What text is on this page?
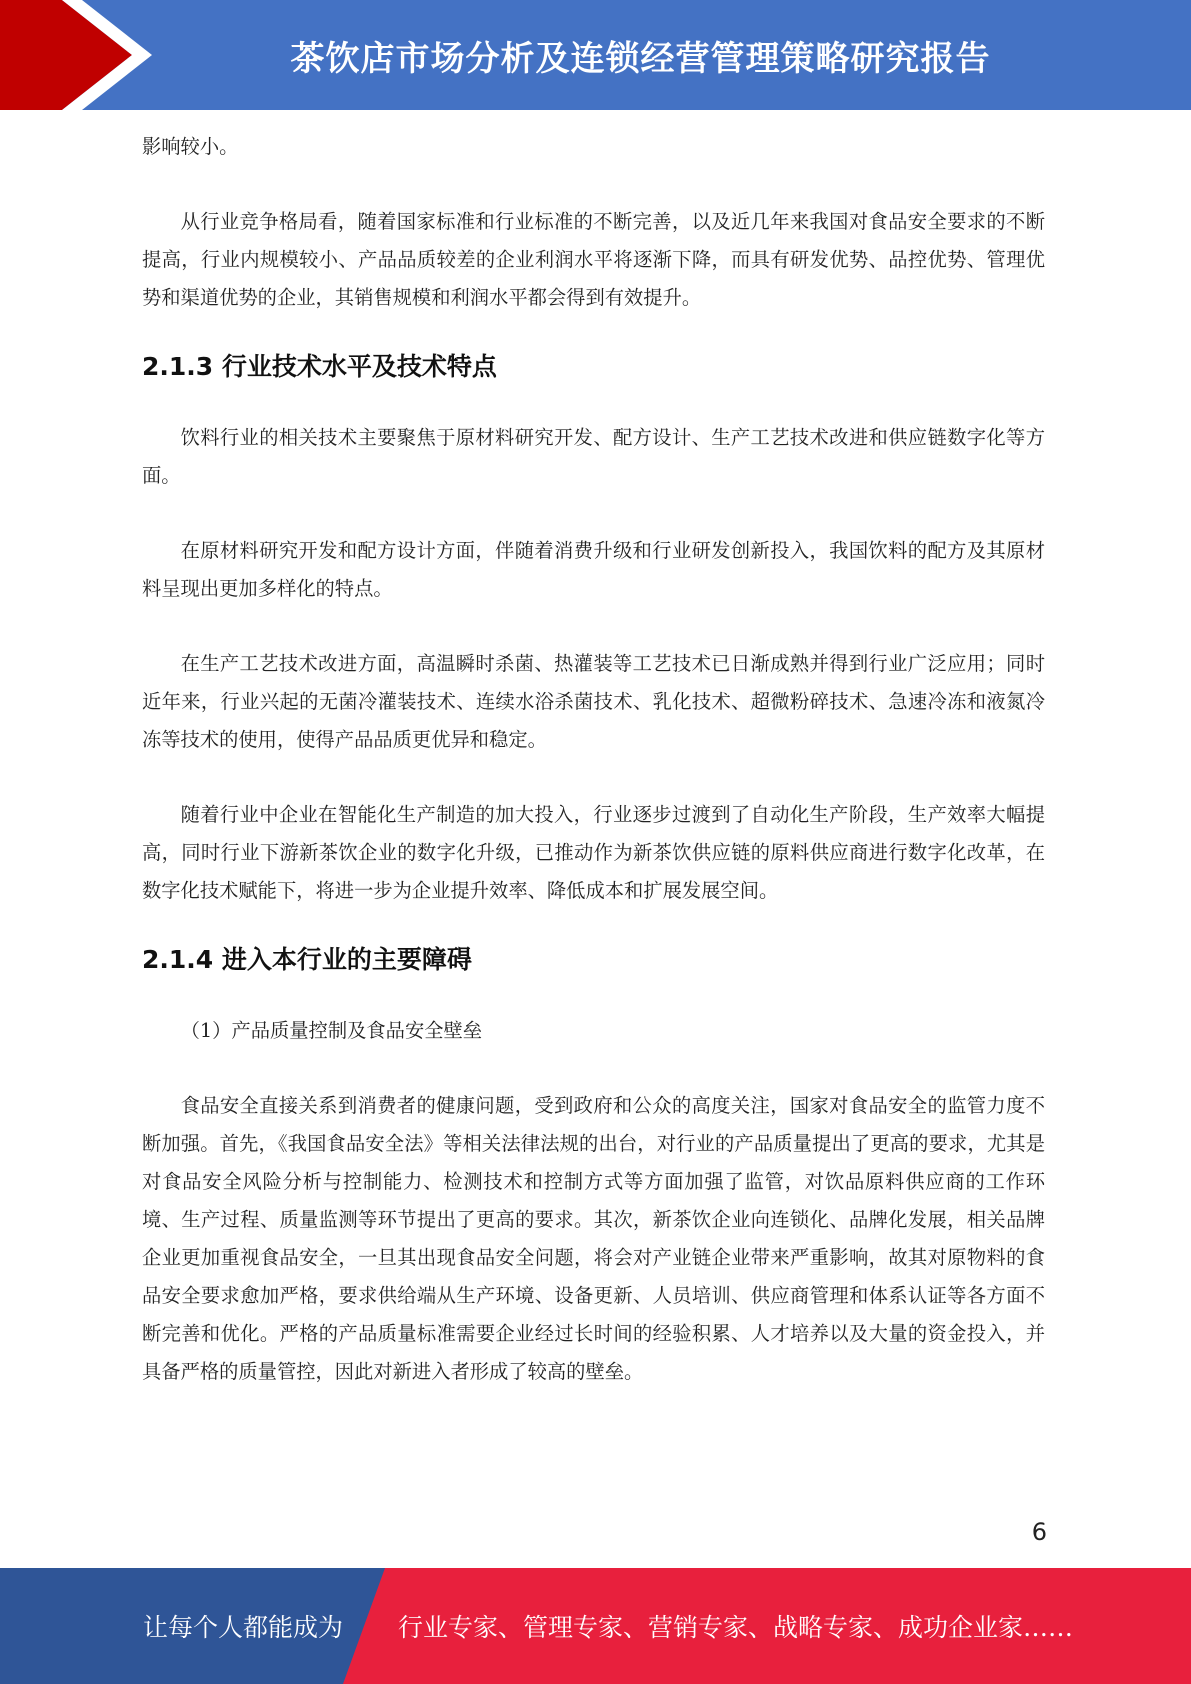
茶饮店市场分析及连锁经营管理策略研究报告

影响较小。

从行业竞争格局看，随着国家标准和行业标准的不断完善，以及近几年来我国对食品安全要求的不断提高，行业内规模较小、产品品质较差的企业利润水平将逐渐下降，而具有研发优势、品控优势、管理优势和渠道优势的企业，其销售规模和利润水平都会得到有效提升。

2.1.3 行业技术水平及技术特点

饮料行业的相关技术主要聚焦于原材料研究开发、配方设计、生产工艺技术改进和供应链数字化等方面。

在原材料研究开发和配方设计方面，伴随着消费升级和行业研发创新投入，我国饮料的配方及其原材料呈现出更加多样化的特点。

在生产工艺技术改进方面，高温瞬时杀菌、热灌装等工艺技术已日渐成熟并得到行业广泛应用；同时近年来，行业兴起的无菌冷灌装技术、连续水浴杀菌技术、乳化技术、超微粉碎技术、急速冷冻和液氮冷冻等技术的使用，使得产品品质更优异和稳定。

随着行业中企业在智能化生产制造的加大投入，行业逐步过渡到了自动化生产阶段，生产效率大幅提高，同时行业下游新茶饮企业的数字化升级，已推动作为新茶饮供应链的原料供应商进行数字化改革，在数字化技术赋能下，将进一步为企业提升效率、降低成本和扩展发展空间。

2.1.4 进入本行业的主要障碍

（1）产品质量控制及食品安全壁垒

食品安全直接关系到消费者的健康问题，受到政府和公众的高度关注，国家对食品安全的监管力度不断加强。首先，《我国食品安全法》等相关法律法规的出台，对行业的产品质量提出了更高的要求，尤其是对食品安全风险分析与控制能力、检测技术和控制方式等方面加强了监管，对饮品原料供应商的工作环境、生产过程、质量监测等环节提出了更高的要求。其次，新茶饮企业向连锁化、品牌化发展，相关品牌企业更加重视食品安全，一旦其出现食品安全问题，将会对产业链企业带来严重影响，故其对原物料的食品安全要求愈加严格，要求供给端从生产环境、设备更新、人员培训、供应商管理和体系认证等各方面不断完善和优化。严格的产品质量标准需要企业经过长时间的经验积累、人才培养以及大量的资金投入，并具备严格的质量管控，因此对新进入者形成了较高的壁垒。

6
让每个人都能成为 行业专家、管理专家、营销专家、战略专家、成功企业家……
